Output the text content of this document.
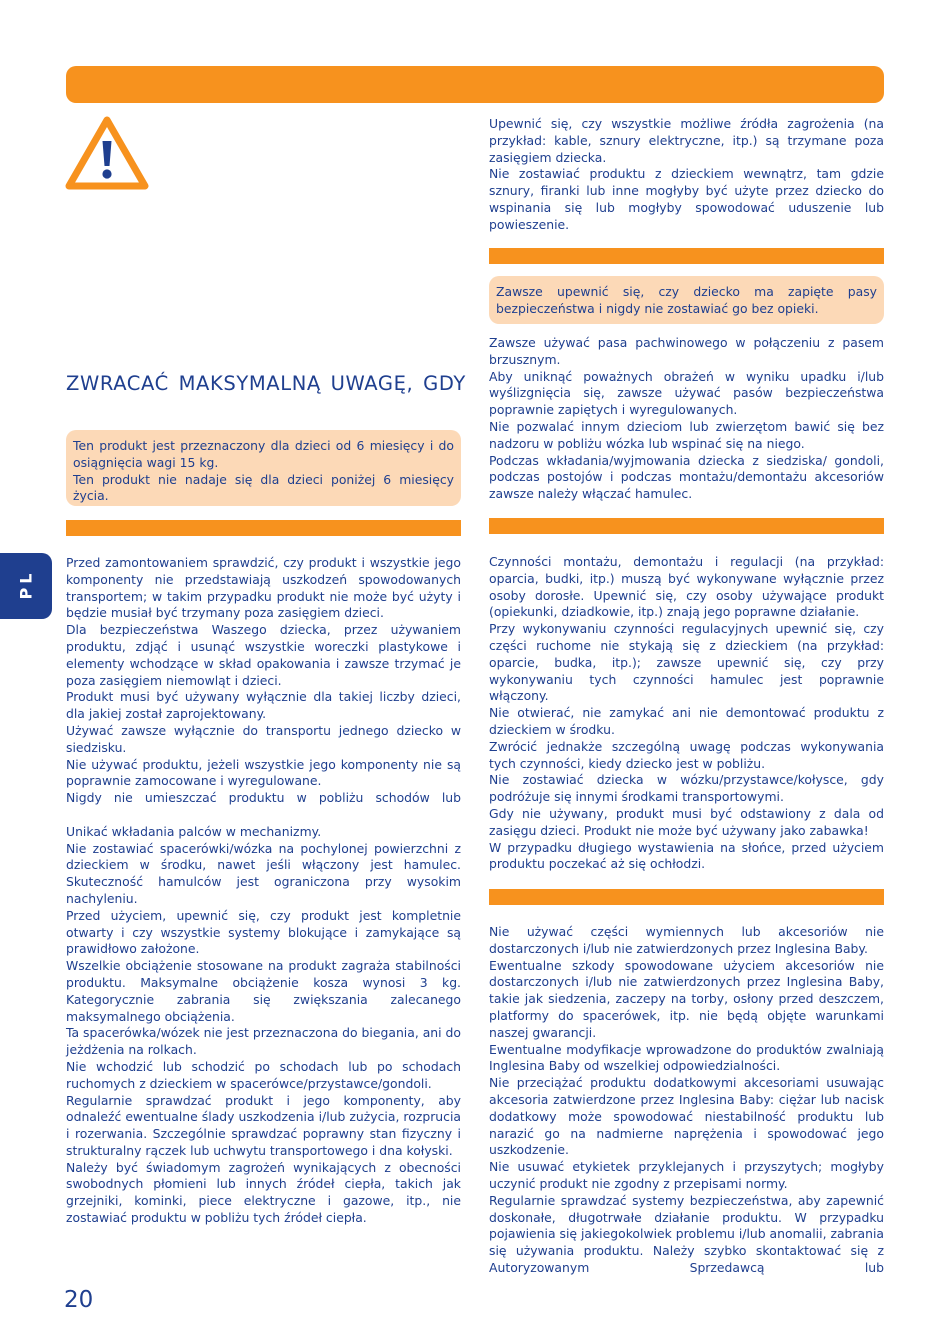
ZWRACAĆ MAKSYMALNĄ UWAGĘ, GDY

Ten produkt jest przeznaczony dla dzieci od 6 miesięcy i do osiągnięcia wagi 15 kg.

Ten produkt nie nadaje się dla dzieci poniżej 6 miesięcy życia.

PL

Przed zamontowaniem sprawdzić, czy produkt i wszystkie jego komponenty nie przedstawiają uszkodzeń spowodowanych transportem; w takim przypadku produkt nie może być użyty i będzie musiał być trzymany poza zasięgiem dzieci.

Dla bezpieczeństwa Waszego dziecka, przez używaniem produktu, zdjąć i usunąć wszystkie woreczki plastykowe i elementy wchodzące w skład opakowania i zawsze trzymać je poza zasięgiem niemowląt i dzieci.

Produkt musi być używany wyłącznie dla takiej liczby dzieci, dla jakiej został zaprojektowany.

Używać zawsze wyłącznie do transportu jednego dziecko w siedzisku.

Nie używać produktu, jeżeli wszystkie jego komponenty nie są poprawnie zamocowane i wyregulowane.

Nigdy nie umieszczać produktu w pobliżu schodów lub

Unikać wkładania palców w mechanizmy.

Nie zostawiać spacerówki/wózka na pochylonej powierzchni z dzieckiem w środku, nawet jeśli włączony jest hamulec. Skuteczność hamulców jest ograniczona przy wysokim nachyleniu.

Przed użyciem, upewnić się, czy produkt jest kompletnie otwarty i czy wszystkie systemy blokujące i zamykające są prawidłowo założone.

Wszelkie obciążenie stosowane na produkt zagraża stabilności produktu. Maksymalne obciążenie kosza wynosi 3 kg. Kategorycznie zabrania się zwiększania zalecanego maksymalnego obciążenia.

Ta spacerówka/wózek nie jest przeznaczona do biegania, ani do jeżdżenia na rolkach.

Nie wchodzić lub schodzić po schodach lub po schodach ruchomych z dzieckiem w spacerówce/przystawce/gondoli.

Regularnie sprawdzać produkt i jego komponenty, aby odnaleźć ewentualne ślady uszkodzenia i/lub zużycia, rozprucia i rozerwania. Szczególnie sprawdzać poprawny stan fizyczny i strukturalny rączek lub uchwytu transportowego i dna kołyski.

Należy być świadomym zagrożeń wynikających z obecności swobodnych płomieni lub innych źródeł ciepła, takich jak grzejniki, kominki, piece elektryczne i gazowe, itp., nie zostawiać produktu w pobliżu tych źródeł ciepła.

Upewnić się, czy wszystkie możliwe źródła zagrożenia (na przykład: kable, sznury elektryczne, itp.) są trzymane poza zasięgiem dziecka.

Nie zostawiać produktu z dzieckiem wewnątrz, tam gdzie sznury, firanki lub inne mogłyby być użyte przez dziecko do wspinania się lub mogłyby spowodować uduszenie lub powieszenie.

Zawsze upewnić się, czy dziecko ma zapięte pasy bezpieczeństwa i nigdy nie zostawiać go bez opieki.

Zawsze używać pasa pachwinowego w połączeniu z pasem brzusznym.

Aby uniknąć poważnych obrażeń w wyniku upadku i/lub wyślizgnięcia się, zawsze używać pasów bezpieczeństwa poprawnie zapiętych i wyregulowanych.

Nie pozwalać innym dzieciom lub zwierzętom bawić się bez nadzoru w pobliżu wózka lub wspinać się na niego.

Podczas wkładania/wyjmowania dziecka z siedziska/ gondoli, podczas postojów i podczas montażu/demontażu akcesoriów zawsze należy włączać hamulec.

Czynności montażu, demontażu i regulacji (na przykład: oparcia, budki, itp.) muszą być wykonywane wyłącznie przez osoby dorosłe. Upewnić się, czy osoby używające produkt (opiekunki, dziadkowie, itp.) znają jego poprawne działanie.

Przy wykonywaniu czynności regulacyjnych upewnić się, czy części ruchome nie stykają się z dzieckiem (na przykład: oparcie, budka, itp.); zawsze upewnić się, czy przy wykonywaniu tych czynności hamulec jest poprawnie włączony.

Nie otwierać, nie zamykać ani nie demontować produktu z dzieckiem w środku.

Zwrócić jednakże szczególną uwagę podczas wykonywania tych czynności, kiedy dziecko jest w pobliżu.

Nie zostawiać dziecka w wózku/przystawce/kołysce, gdy podróżuje się innymi środkami transportowymi.

Gdy nie używany, produkt musi być odstawiony z dala od zasięgu dzieci. Produkt nie może być używany jako zabawka!

W przypadku długiego wystawienia na słońce, przed użyciem produktu poczekać aż się ochłodzi.

Nie używać części wymiennych lub akcesoriów nie dostarczonych i/lub nie zatwierdzonych przez Inglesina Baby.

Ewentualne szkody spowodowane użyciem akcesoriów nie dostarczonych i/lub nie zatwierdzonych przez Inglesina Baby, takie jak siedzenia, zaczepy na torby, osłony przed deszczem, platformy do spacerówek, itp. nie będą objęte warunkami naszej gwarancji.

Ewentualne modyfikacje wprowadzone do produktów zwalniają Inglesina Baby od wszelkiej odpowiedzialności.

Nie przeciążać produktu dodatkowymi akcesoriami usuwając akcesoria zatwierdzone przez Inglesina Baby: ciężar lub nacisk dodatkowy może spowodować niestabilność produktu lub narazić go na nadmierne naprężenia i spowodować jego uszkodzenie.

Nie usuwać etykietek przyklejanych i przyszytych; mogłyby uczynić produkt nie zgodny z przepisami normy.

Regularnie sprawdzać systemy bezpieczeństwa, aby zapewnić doskonałe, długotrwałe działanie produktu. W przypadku pojawienia się jakiegokolwiek problemu i/lub anomalii, zabrania się używania produktu. Należy szybko skontaktować się z Autoryzowanym Sprzedawcą lub

20
